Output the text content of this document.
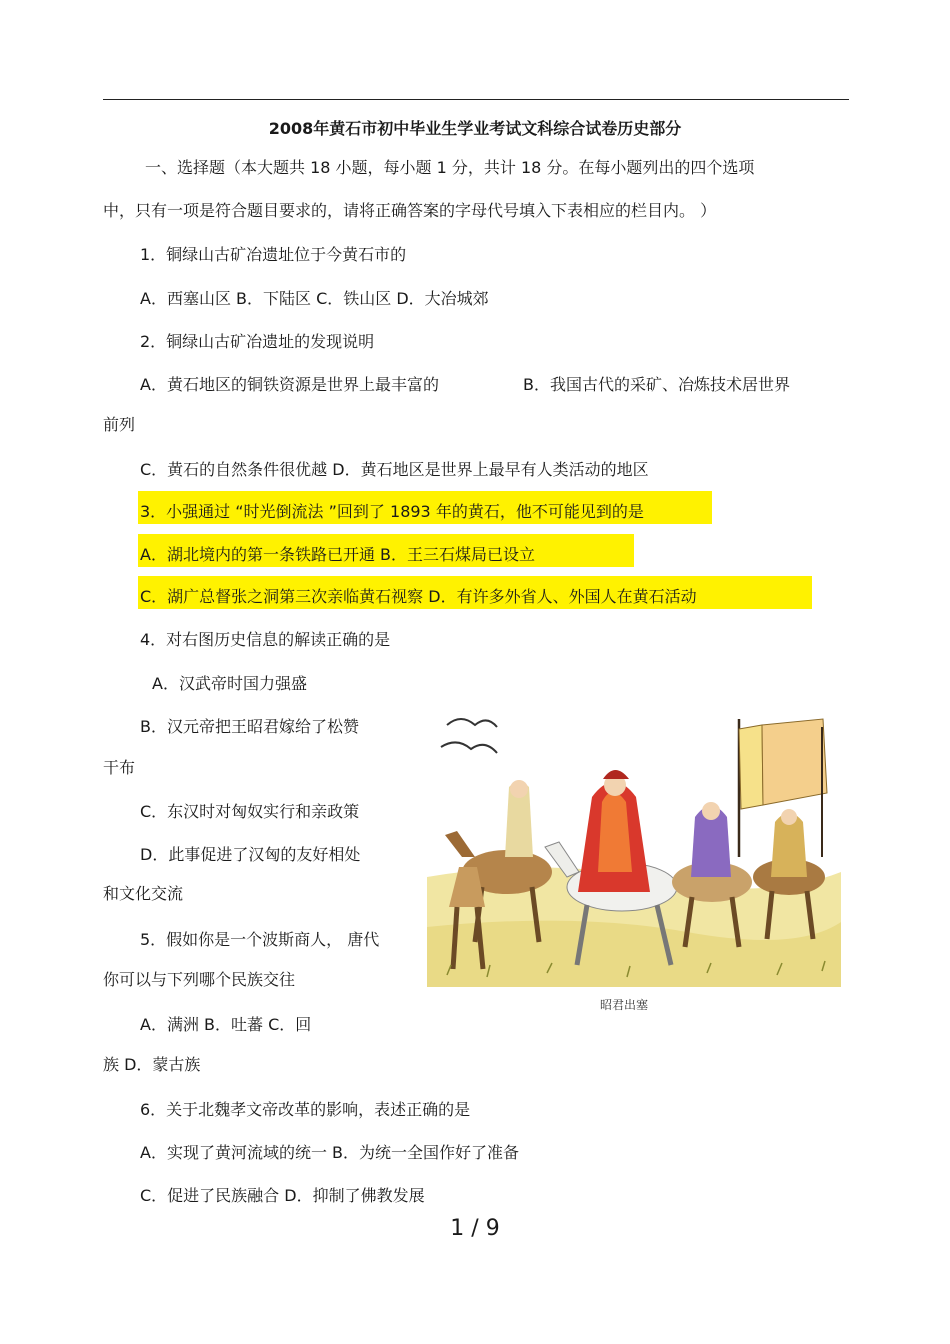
2008年黄石市初中毕业生学业考试文科综合试卷历史部分
一、选择题（本大题共 18 小题，每小题 1 分，共计 18 分。在每小题列出的四个选项
中，只有一项是符合题目要求的，请将正确答案的字母代号填入下表相应的栏目内。 ）
1．铜绿山古矿冶遗址位于今黄石市的
A．西塞山区 B．下陆区 C．铁山区 D．大冶城郊
2．铜绿山古矿冶遗址的发现说明
A．黄石地区的铜铁资源是世界上最丰富的	B．我国古代的采矿、冶炼技术居世界
前列
C．黄石的自然条件很优越 D．黄石地区是世界上最早有人类活动的地区
3．小强通过 “时光倒流法 ”回到了 1893 年的黄石，他不可能见到的是
A．湖北境内的第一条铁路已开通 B．王三石煤局已设立
C．湖广总督张之洞第三次亲临黄石视察 D．有许多外省人、外国人在黄石活动
4．对右图历史信息的解读正确的是
A．汉武帝时国力强盛
B．汉元帝把王昭君嫁给了松赞
干布
C．东汉时对匈奴实行和亲政策
D．此事促进了汉匈的友好相处
和文化交流
5．假如你是一个波斯商人， 唐代
你可以与下列哪个民族交往
A．满洲 B．吐蕃 C．回
族 D．蒙古族
6．关于北魏孝文帝改革的影响，表述正确的是
A．实现了黄河流域的统一 B．为统一全国作好了准备
C．促进了民族融合 D．抑制了佛教发展
昭君出塞
1 / 9
